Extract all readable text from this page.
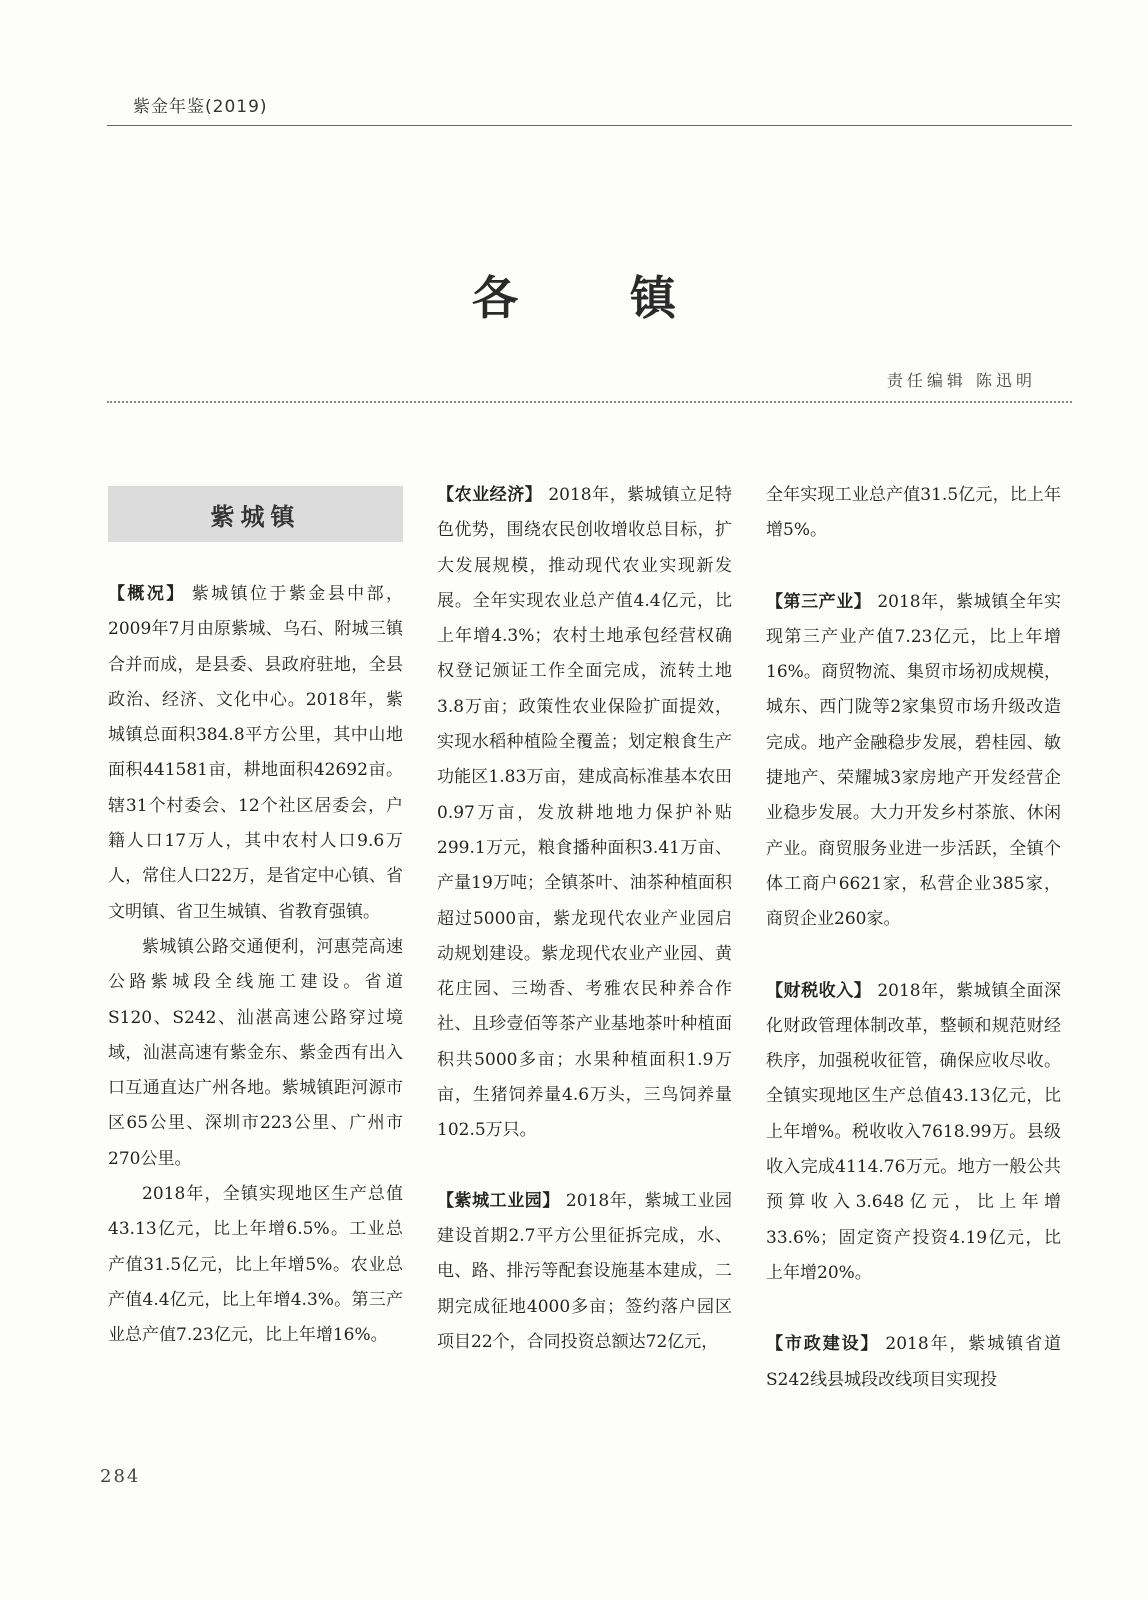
紫金年鉴(2019)
各镇
责任编辑 陈迅明
紫城镇

【概况】 紫城镇位于紫金县中部，2009年7月由原紫城、乌石、附城三镇合并而成，是县委、县政府驻地，全县政治、经济、文化中心。2018年，紫城镇总面积384.8平方公里，其中山地面积441581亩，耕地面积42692亩。辖31个村委会、12个社区居委会，户籍人口17万人，其中农村人口9.6万人，常住人口22万，是省定中心镇、省文明镇、省卫生城镇、省教育强镇。

紫城镇公路交通便利，河惠莞高速公路紫城段全线施工建设。省道S120、S242、汕湛高速公路穿过境域，汕湛高速有紫金东、紫金西有出入口互通直达广州各地。紫城镇距河源市区65公里、深圳市223公里、广州市270公里。

2018年，全镇实现地区生产总值43.13亿元，比上年增6.5%。工业总产值31.5亿元，比上年增5%。农业总产值4.4亿元，比上年增4.3%。第三产业总产值7.23亿元，比上年增16%。

【农业经济】 2018年，紫城镇立足特色优势，围绕农民创收增收总目标，扩大发展规模，推动现代农业实现新发展。全年实现农业总产值4.4亿元，比上年增4.3%；农村土地承包经营权确权登记颁证工作全面完成，流转土地3.8万亩；政策性农业保险扩面提效，实现水稻种植险全覆盖；划定粮食生产功能区1.83万亩，建成高标准基本农田0.97万亩，发放耕地地力保护补贴299.1万元，粮食播种面积3.41万亩、产量19万吨；全镇茶叶、油茶种植面积超过5000亩，紫龙现代农业产业园启动规划建设。紫龙现代农业产业园、黄花庄园、三坳香、考雅农民种养合作社、且珍壹佰等茶产业基地茶叶种植面积共5000多亩；水果种植面积1.9万亩，生猪饲养量4.6万头，三鸟饲养量102.5万只。

【紫城工业园】 2018年，紫城工业园建设首期2.7平方公里征拆完成，水、电、路、排污等配套设施基本建成，二期完成征地4000多亩；签约落户园区项目22个，合同投资总额达72亿元，

全年实现工业总产值31.5亿元，比上年增5%。

【第三产业】 2018年，紫城镇全年实现第三产业产值7.23亿元，比上年增16%。商贸物流、集贸市场初成规模，城东、西门陇等2家集贸市场升级改造完成。地产金融稳步发展，碧桂园、敏捷地产、荣耀城3家房地产开发经营企业稳步发展。大力开发乡村茶旅、休闲产业。商贸服务业进一步活跃，全镇个体工商户6621家，私营企业385家，商贸企业260家。

【财税收入】 2018年，紫城镇全面深化财政管理体制改革，整顿和规范财经秩序，加强税收征管，确保应收尽收。全镇实现地区生产总值43.13亿元，比上年增%。税收收入7618.99万。县级收入完成4114.76万元。地方一般公共预算收入3.648亿元，比上年增33.6%；固定资产投资4.19亿元，比上年增20%。

【市政建设】 2018年，紫城镇省道S242线县城段改线项目实现投

284
